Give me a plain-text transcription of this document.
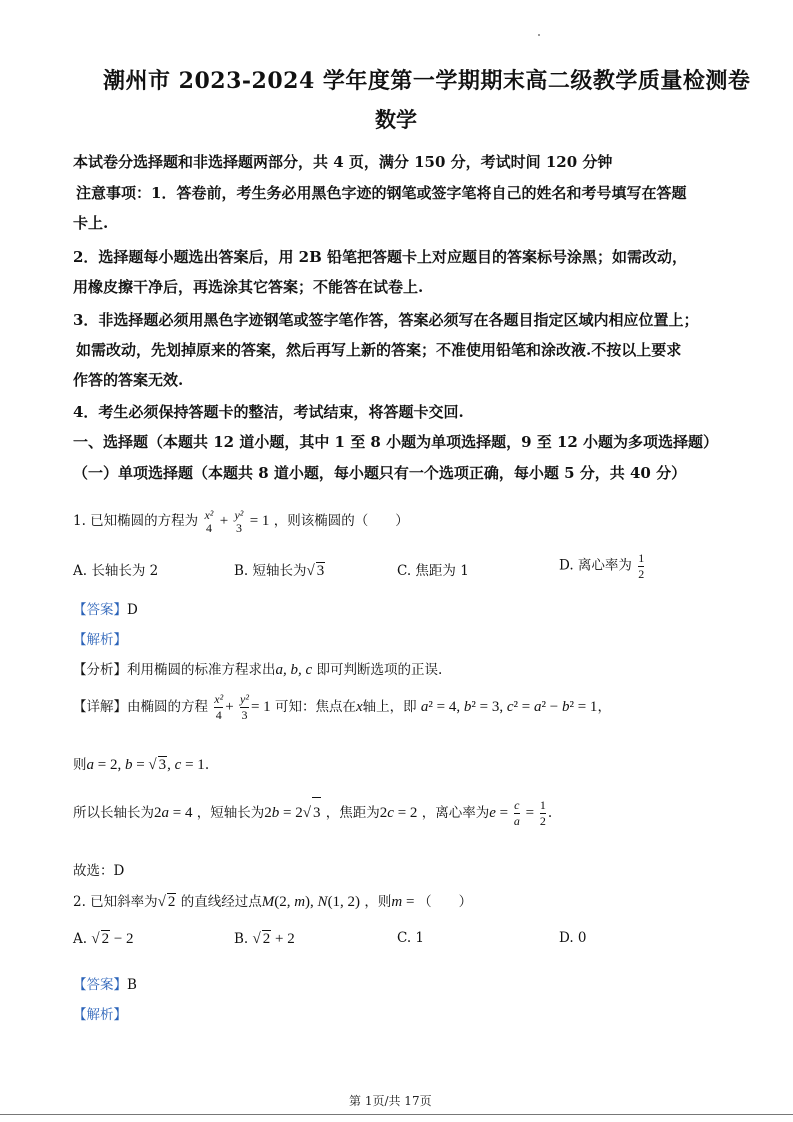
潮州市 2023-2024 学年度第一学期期末高二级教学质量检测卷
数学
本试卷分选择题和非选择题两部分，共 4 页，满分 150 分，考试时间 120 分钟
注意事项：1．答卷前，考生务必用黑色字迹的钢笔或签字笔将自己的姓名和考号填写在答题
卡上.
2．选择题每小题选出答案后，用 2B 铅笔把答题卡上对应题目的答案标号涂黑；如需改动，
用橡皮擦干净后，再选涂其它答案；不能答在试卷上.
3．非选择题必须用黑色字迹钢笔或签字笔作答，答案必须写在各题目指定区域内相应位置上；
如需改动，先划掉原来的答案，然后再写上新的答案；不准使用铅笔和涂改液.不按以上要求
作答的答案无效.
4．考生必须保持答题卡的整洁，考试结束，将答题卡交回.
一、选择题（本题共 12 道小题，其中 1 至 8 小题为单项选择题，9 至 12 小题为多项选择题）
（一）单项选择题（本题共 8 道小题，每小题只有一个选项正确，每小题 5 分，共 40 分）
1. 已知椭圆的方程为 x²
4 + y²
3 = 1 ，则该椭圆的（　　）
A. 长轴长为 2	B. 短轴长为√ 3	C. 焦距为 1	D. 离心率为 $\frac{1}{2}$
【答案】D
【解析】
【分析】利用椭圆的标准方程求出a, b, c 即可判断选项的正误.
【详解】由椭圆的方程 $\frac{\text{x²}}{4} + \frac{\text{y²}}{3} = 1$ 可知：焦点在x轴上，即 a² = 4, b² = 3, c² = a² − b² = 1，
则a = 2, b = √ 3, c = 1.
所以长轴长为2a = 4 ，短轴长为2b = 2√ 3 ，焦距为2c = 2 ，离心率为$e = \frac{c}{a} = \frac{1}{2}$ .
故选：D
2. 已知斜率为√ 2 的直线经过点M(2, m), N(1, 2) ，则m = （　　）
A. √ 2 − 2	B. √ 2 + 2	C. 1	D. 0
【答案】B
【解析】
第 1页/共 17页
